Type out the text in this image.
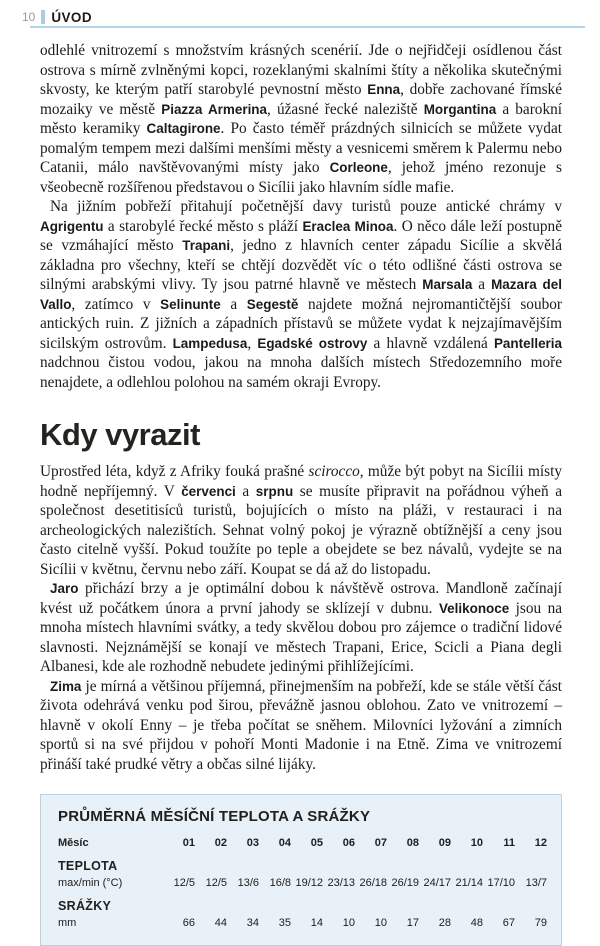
10 ÚVOD

odlehlé vnitrozemí s množstvím krásných scenérií. Jde o nejřidčeji osídlenou část ostrova s mírně zvlněnými kopci, rozeklanými skalními štíty a několika skutečnými skvosty, ke kterým patří starobylé pevnostní město Enna, dobře zachované římské mozaiky ve městě Piazza Armerina, úžasné řecké naleziště Morgantina a barokní město keramiky Caltagirone. Po často téměř prázdných silnicích se můžete vydat pomalým tempem mezi dalšími menšími městy a vesnicemi směrem k Palermu nebo Catanii, málo navštěvovanými místy jako Corleone, jehož jméno rezonuje s všeobecně rozšířenou představou o Sicílii jako hlavním sídle mafie.

Na jižním pobřeží přitahují početnější davy turistů pouze antické chrámy v Agrigentu a starobylé řecké město s pláží Eraclea Minoa. O něco dále leží postupně se vzmáhající město Trapani, jedno z hlavních center západu Sicílie a skvělá základna pro všechny, kteří se chtějí dozvědět víc o této odlišné části ostrova se silnými arabskými vlivy. Ty jsou patrné hlavně ve městech Marsala a Mazara del Vallo, zatímco v Selinunte a Segestě najdete možná nejromantičtější soubor antických ruin. Z jižních a západních přístavů se můžete vydat k nejzajímavějším sicilským ostrovům. Lampedusa, Egadské ostrovy a hlavně vzdálená Pantelleria nadchnou čistou vodou, jakou na mnoha dalších místech Středozemního moře nenajdete, a odlehlou polohou na samém okraji Evropy.

Kdy vyrazit

Uprostřed léta, když z Afriky fouká prašné scirocco, může být pobyt na Sicílii místy hodně nepříjemný. V červenci a srpnu se musíte připravit na pořádnou výheň a společnost desetitisíců turistů, bojujících o místo na pláži, v restauraci i na archeologických nalezištích. Sehnat volný pokoj je výrazně obtížnější a ceny jsou často citelně vyšší. Pokud toužíte po teple a obejdete se bez návalů, vydejte se na Sicílii v květnu, červnu nebo září. Koupat se dá až do listopadu.

Jaro přichází brzy a je optimální dobou k návštěvě ostrova. Mandloně začínají kvést už počátkem února a první jahody se sklízejí v dubnu. Velikonoce jsou na mnoha místech hlavními svátky, a tedy skvělou dobou pro zájemce o tradiční lidové slavnosti. Nejznámější se konají ve městech Trapani, Erice, Scicli a Piana degli Albanesi, kde ale rozhodně nebudete jedinými přihlížejícími.

Zima je mírná a většinou příjemná, přinejmenším na pobřeží, kde se stále větší část života odehrává venku pod širou, převážně jasnou oblohou. Zato ve vnitrozemí – hlavně v okolí Enny – je třeba počítat se sněhem. Milovníci lyžování a zimních sportů si na své přijdou v pohoří Monti Madonie i na Etně. Zima ve vnitrozemí přináší také prudké větry a občas silné lijáky.

PRŮMĚRNÁ MĚSÍČNÍ TEPLOTA A SRÁŽKY
Měsíc	01	02	03	04	05	06	07	08	09	10	11	12
TEPLOTA
max/min (°C)	12/5 12/5 13/6 16/8 19/12 23/13 26/18 26/19 24/17 21/14 17/10 13/7
SRÁŽKY
mm	66	44	34	35	14	10	10	17	28	48	67	79
